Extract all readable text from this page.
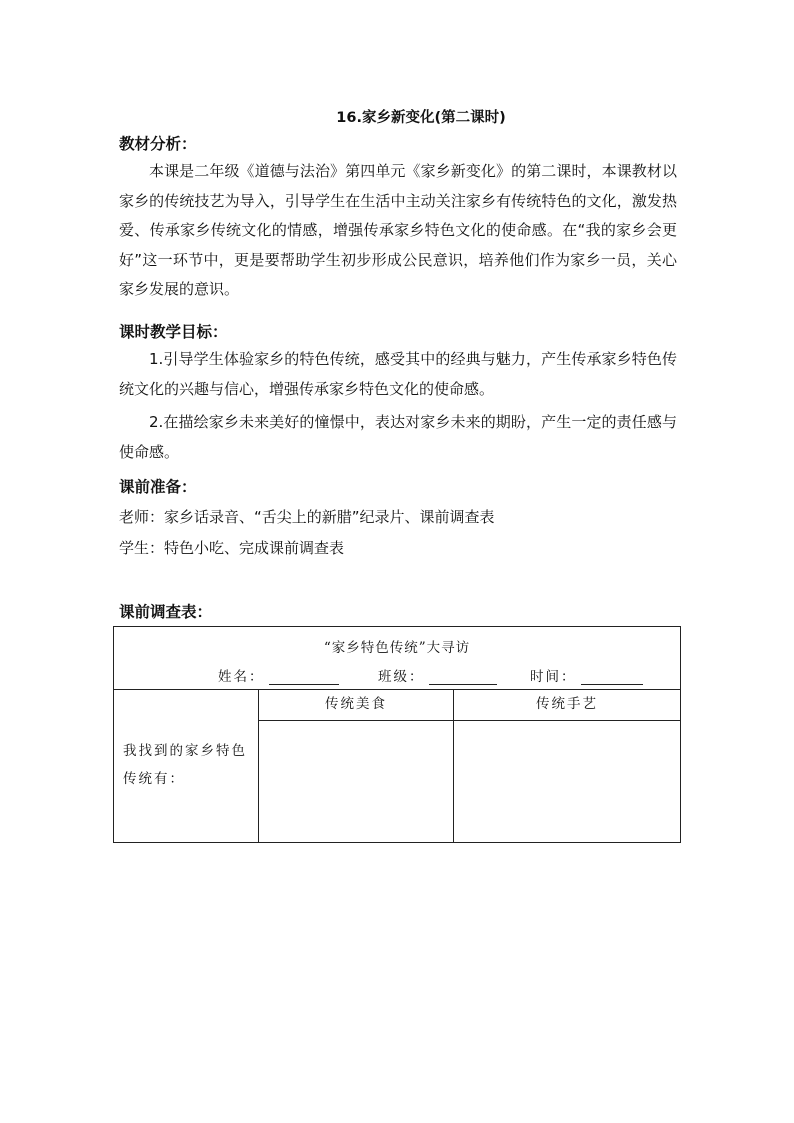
16.家乡新变化(第二课时)
教材分析：
本课是二年级《道德与法治》第四单元《家乡新变化》的第二课时，本课教材以家乡的传统技艺为导入，引导学生在生活中主动关注家乡有传统特色的文化，激发热爱、传承家乡传统文化的情感，增强传承家乡特色文化的使命感。在“我的家乡会更好”这一环节中，更是要帮助学生初步形成公民意识，培养他们作为家乡一员，关心家乡发展的意识。
课时教学目标：
1.引导学生体验家乡的特色传统，感受其中的经典与魅力，产生传承家乡特色传统文化的兴趣与信心，增强传承家乡特色文化的使命感。
2.在描绘家乡未来美好的憧憬中，表达对家乡未来的期盼，产生一定的责任感与使命感。
课前准备：
老师：家乡话录音、“舌尖上的新腊”纪录片、课前调查表
学生：特色小吃、完成课前调查表
课前调查表：
“家乡特色传统”大寻访
姓名：	班级：	时间：
我找到的家乡特色传统有：
传统美食	传统手艺
